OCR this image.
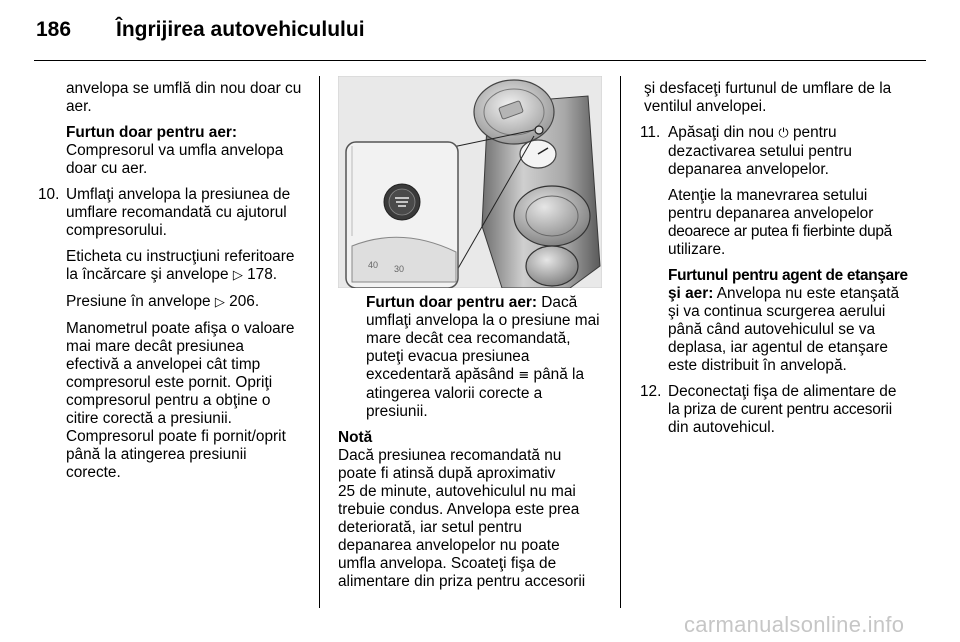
186 Îngrijirea autovehiculului

anvelopa se umflă din nou doar cu
aer.

Furtun doar pentru aer:
Compresorul va umfla anvelopa
doar cu aer.

10. Umflaţi anvelopa la presiunea de
umflare recomandată cu ajutorul
compresorului.

Eticheta cu instrucţiuni referitoare
la încărcare şi anvelope ▷ 178.

Presiune în anvelope ▷ 206.

Manometrul poate afişa o valoare
mai mare decât presiunea
efectivă a anvelopei cât timp
compresorul este pornit. Opriţi
compresorul pentru a obţine o
citire corectă a presiunii.
Compresorul poate fi pornit/oprit
până la atingerea presiunii
corecte.

40 30

Furtun doar pentru aer: Dacă
umflaţi anvelopa la o presiune mai
mare decât cea recomandată,
puteţi evacua presiunea
excedentară apăsând ≡ până la
atingerea valorii corecte a
presiunii.

Notă
Dacă presiunea recomandată nu
poate fi atinsă după aproximativ
25 de minute, autovehiculul nu mai
trebuie condus. Anvelopa este prea
deteriorată, iar setul pentru
depanarea anvelopelor nu poate
umfla anvelopa. Scoateţi fişa de
alimentare din priza pentru accesorii

şi desfaceţi furtunul de umflare de la
ventilul anvelopei.

11. Apăsaţi din nou ⏻ pentru
dezactivarea setului pentru
depanarea anvelopelor.

Atenţie la manevrarea setului
pentru depanarea anvelopelor
deoarece ar putea fi fierbinte după
utilizare.

Furtunul pentru agent de etanşare
şi aer: Anvelopa nu este etanşată
şi va continua scurgerea aerului
până când autovehiculul se va
deplasa, iar agentul de etanşare
este distribuit în anvelopă.

12. Deconectaţi fişa de alimentare de
la priza de curent pentru accesorii
din autovehicul.

carmanualsonline.info
